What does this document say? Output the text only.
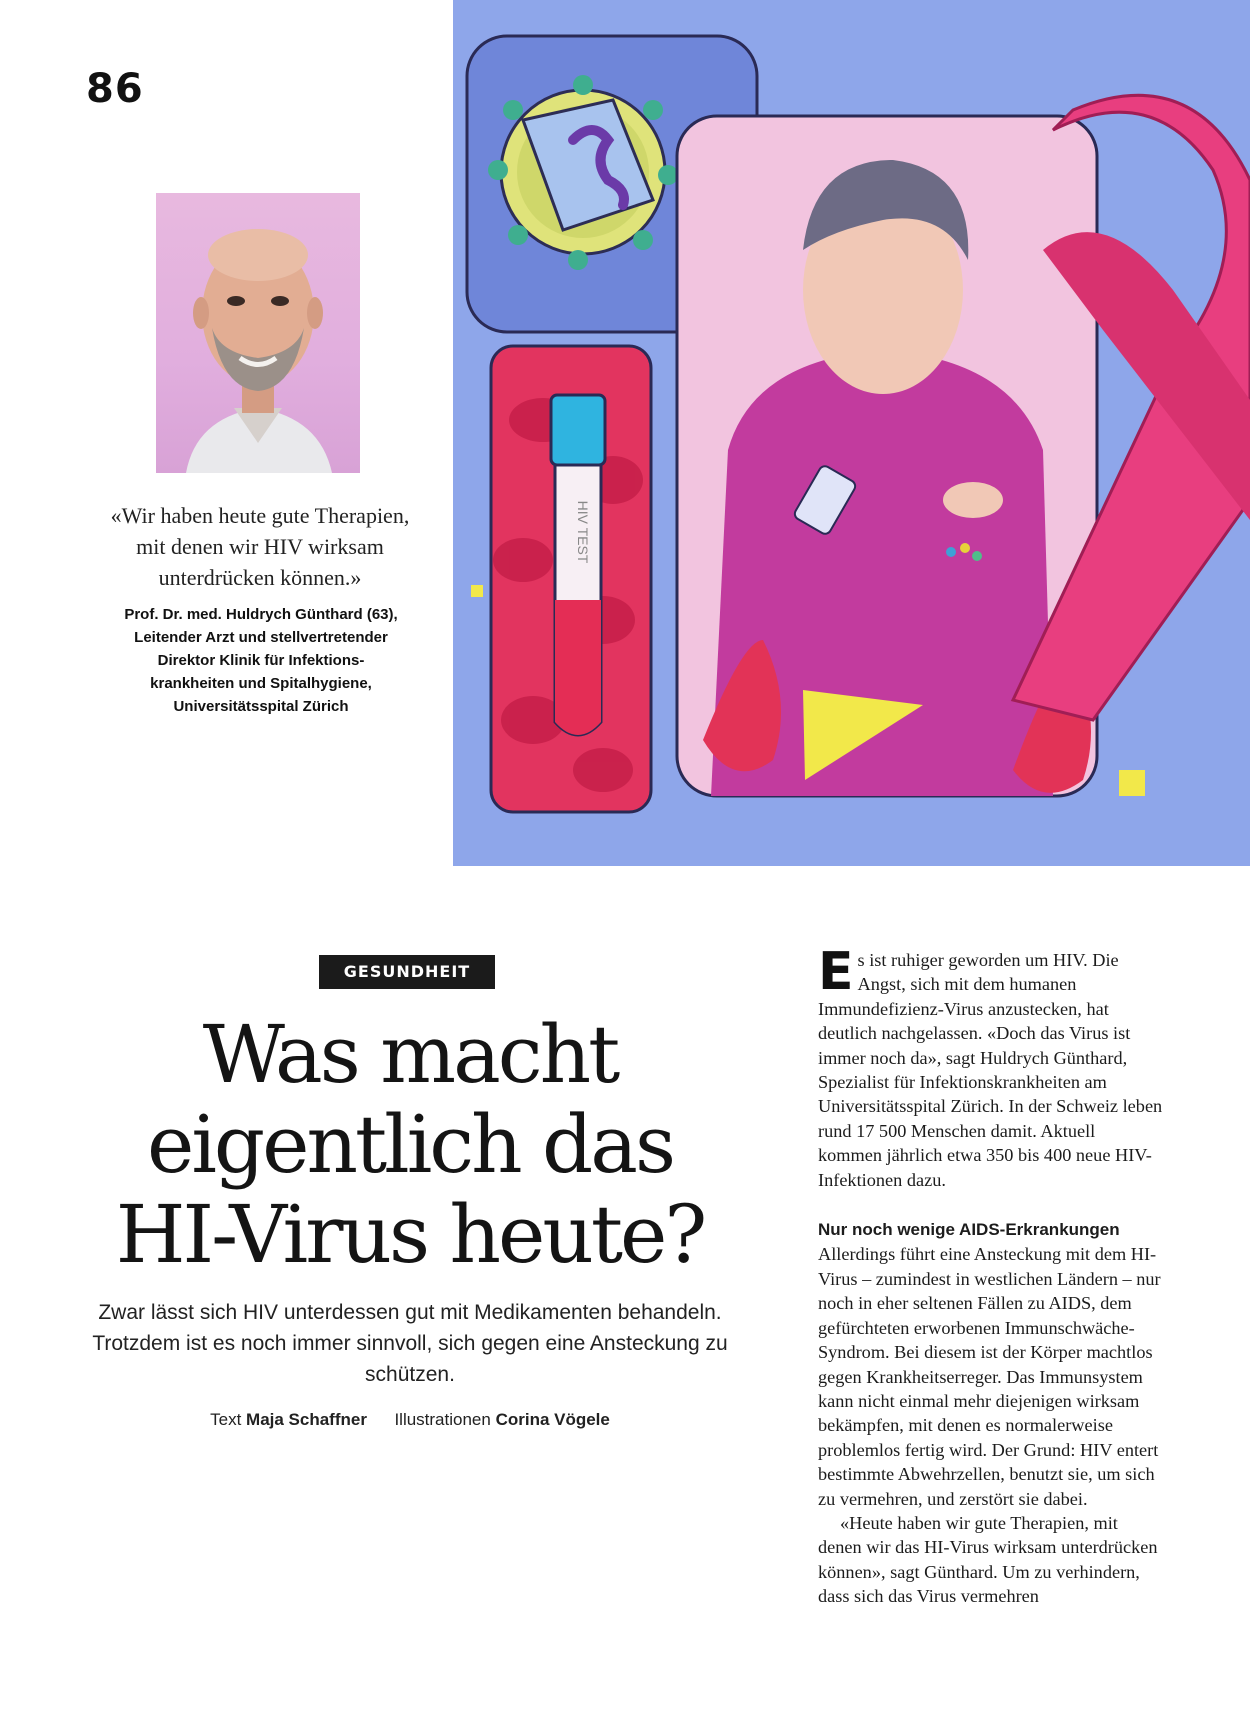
86
«Wir haben heute gute Therapien, mit denen wir HIV wirksam unterdrücken können.»
Prof. Dr. med. Huldrych Günthard (63),
Leitender Arzt und stellvertretender
Direktor Klinik für Infektions-
krankheiten und Spitalhygiene,
Universitätsspital Zürich
HIV TEST
GESUNDHEIT
Was macht eigentlich das HI-Virus heute?
Zwar lässt sich HIV unterdessen gut mit Medikamenten behandeln. Trotzdem ist es noch immer sinnvoll, sich gegen eine Ansteckung zu schützen.
Text Maja Schaffner Illustrationen Corina Vögele

Es ist ruhiger geworden um HIV. Die Angst, sich mit dem humanen Immundefizienz-Virus anzustecken, hat deutlich nachgelassen. «Doch das Virus ist immer noch da», sagt Huldrych Günthard, Spezialist für Infektionskrankheiten am Universitätsspital Zürich. In der Schweiz leben rund 17 500 Menschen damit. Aktuell kommen jährlich etwa 350 bis 400 neue HIV-Infektionen dazu.

Nur noch wenige AIDS-Erkrankungen

Allerdings führt eine Ansteckung mit dem HI-Virus – zumindest in westlichen Ländern – nur noch in eher seltenen Fällen zu AIDS, dem gefürchteten erworbenen Immunschwäche-Syndrom. Bei diesem ist der Körper machtlos gegen Krankheitserreger. Das Immunsystem kann nicht einmal mehr diejenigen wirksam bekämpfen, mit denen es normalerweise problemlos fertig wird. Der Grund: HIV entert bestimmte Abwehrzellen, benutzt sie, um sich zu vermehren, und zerstört sie dabei.

«Heute haben wir gute Therapien, mit denen wir das HI-Virus wirksam unterdrücken können», sagt Günthard. Um zu verhindern, dass sich das Virus vermehren
